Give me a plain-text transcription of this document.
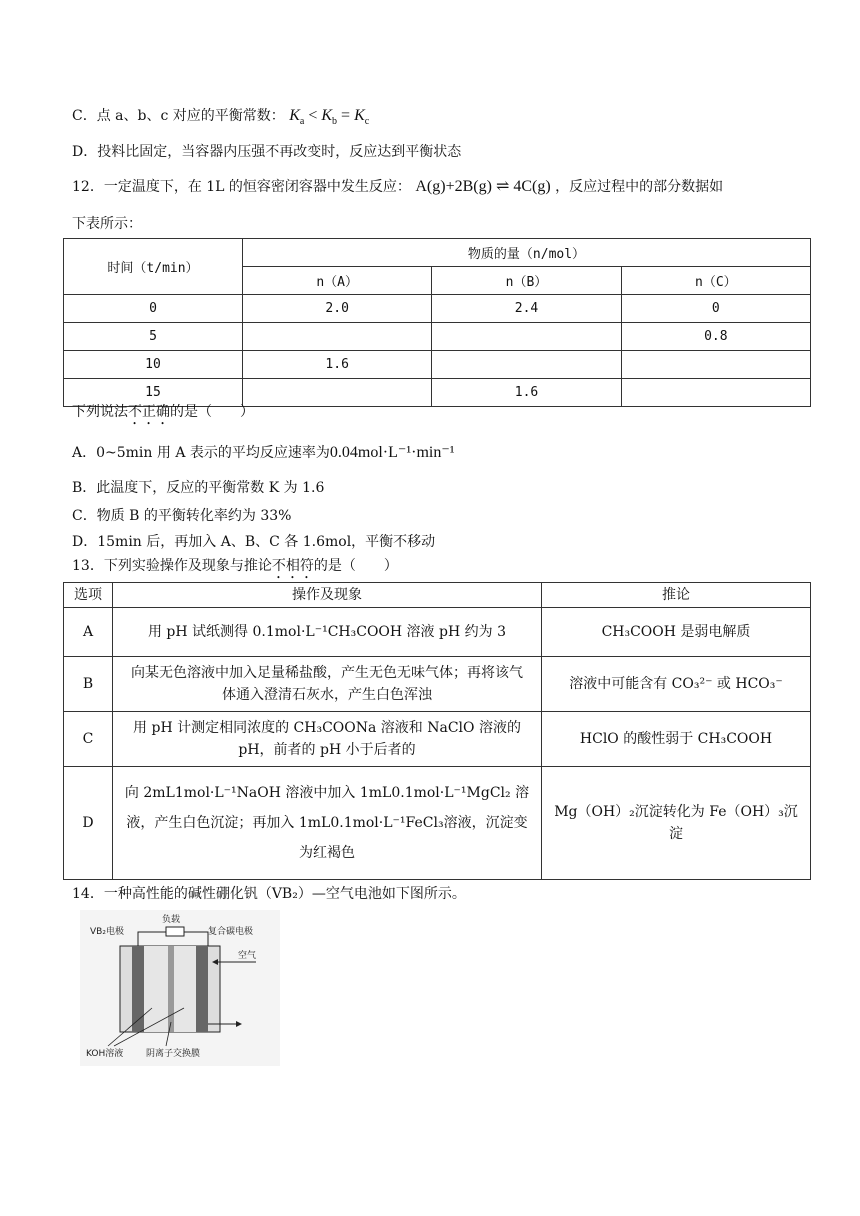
C．点 a、b、c 对应的平衡常数： $K_a < K_b = K_c$
D．投料比固定，当容器内压强不再改变时，反应达到平衡状态
12．一定温度下，在 1L 的恒容密闭容器中发生反应： A(g)+2B(g) ⇌ 4C(g) ，反应过程中的部分数据如
下表所示：
时间（t/min）	物质的量（n/mol）		
	n（A）	n（B）	n（C）
0	2.0	2.4	0
5			0.8
10	1.6		
15		1.6	
下列说法不正确的是（　　）
A．0~5min 用 A 表示的平均反应速率为0.04mol·L⁻¹·min⁻¹
B．此温度下，反应的平衡常数 K 为 1.6
C．物质 B 的平衡转化率约为 33%
D．15min 后，再加入 A、B、C 各 1.6mol，平衡不移动
13．下列实验操作及现象与推论不相符的是（　　）
选项	操作及现象	推论
A	用 pH 试纸测得 0.1mol·L⁻¹CH₃COOH 溶液 pH 约为 3	CH₃COOH 是弱电解质
B	向某无色溶液中加入足量稀盐酸，产生无色无味气体；再将该气体通入澄清石灰水，产生白色浑浊	溶液中可能含有 CO₃²⁻ 或 HCO₃⁻
C	用 pH 计测定相同浓度的 CH₃COONa 溶液和 NaClO 溶液的 pH，前者的 pH 小于后者的	HClO 的酸性弱于 CH₃COOH
D	向 2mL1mol·L⁻¹NaOH 溶液中加入 1mL0.1mol·L⁻¹MgCl₂ 溶液，产生白色沉淀；再加入 1mL0.1mol·L⁻¹FeCl₃溶液，沉淀变为红褐色	Mg（OH）₂沉淀转化为 Fe（OH）₃沉淀
14．一种高性能的碱性硼化钒（VB₂）—空气电池如下图所示。
负载
VB₂电极	复合碳电极
空气
KOH溶液	阴离子交换膜
